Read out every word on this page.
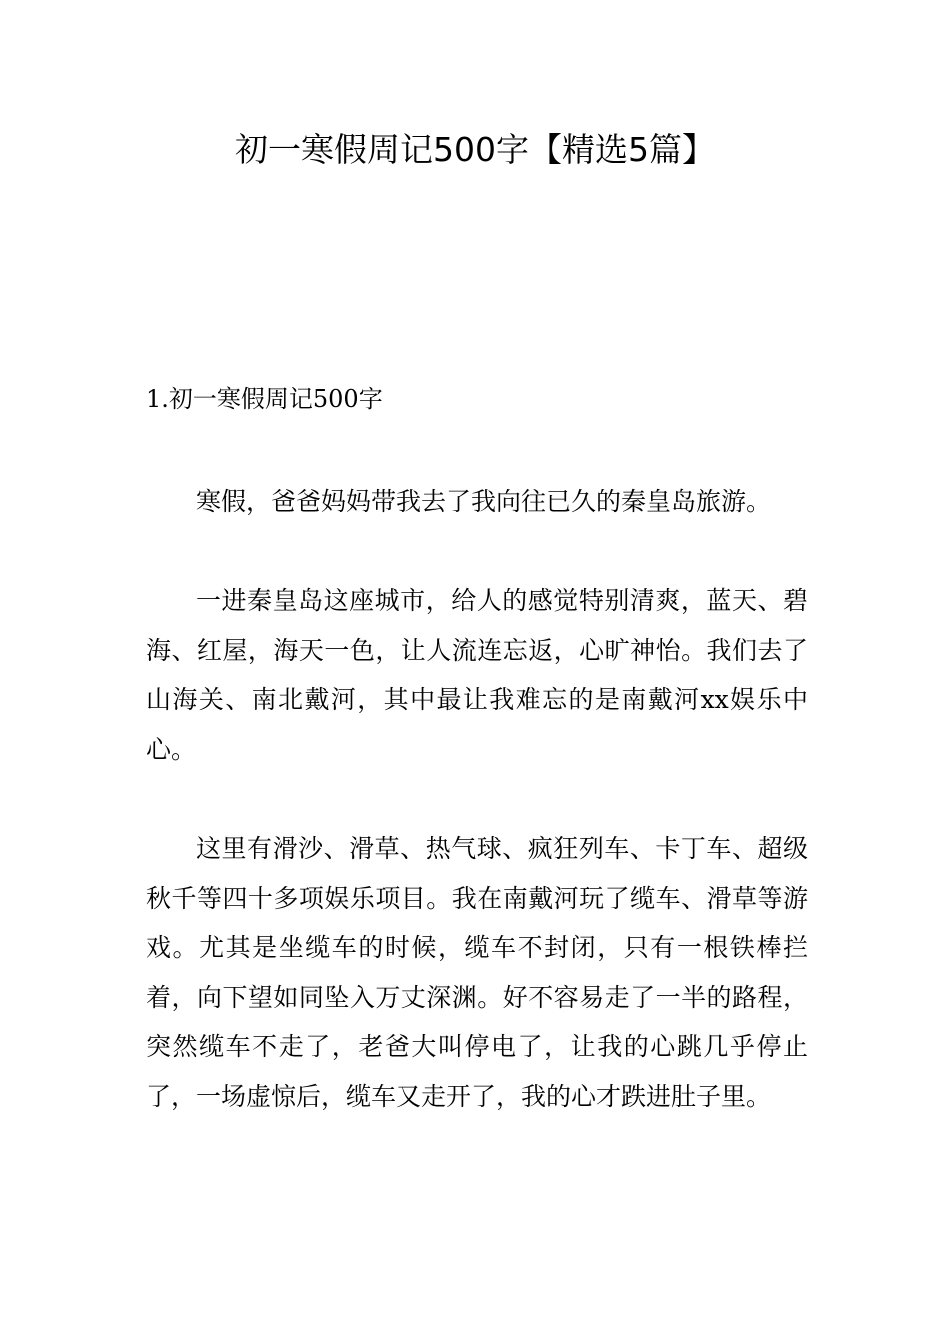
初一寒假周记500字【精选5篇】

1.初一寒假周记500字

寒假，爸爸妈妈带我去了我向往已久的秦皇岛旅游。

一进秦皇岛这座城市，给人的感觉特别清爽，蓝天、碧海、红屋，海天一色，让人流连忘返，心旷神怡。我们去了山海关、南北戴河，其中最让我难忘的是南戴河xx娱乐中心。

这里有滑沙、滑草、热气球、疯狂列车、卡丁车、超级秋千等四十多项娱乐项目。我在南戴河玩了缆车、滑草等游戏。尤其是坐缆车的时候，缆车不封闭，只有一根铁棒拦着，向下望如同坠入万丈深渊。好不容易走了一半的路程，突然缆车不走了，老爸大叫停电了，让我的心跳几乎停止了，一场虚惊后，缆车又走开了，我的心才跌进肚子里。
